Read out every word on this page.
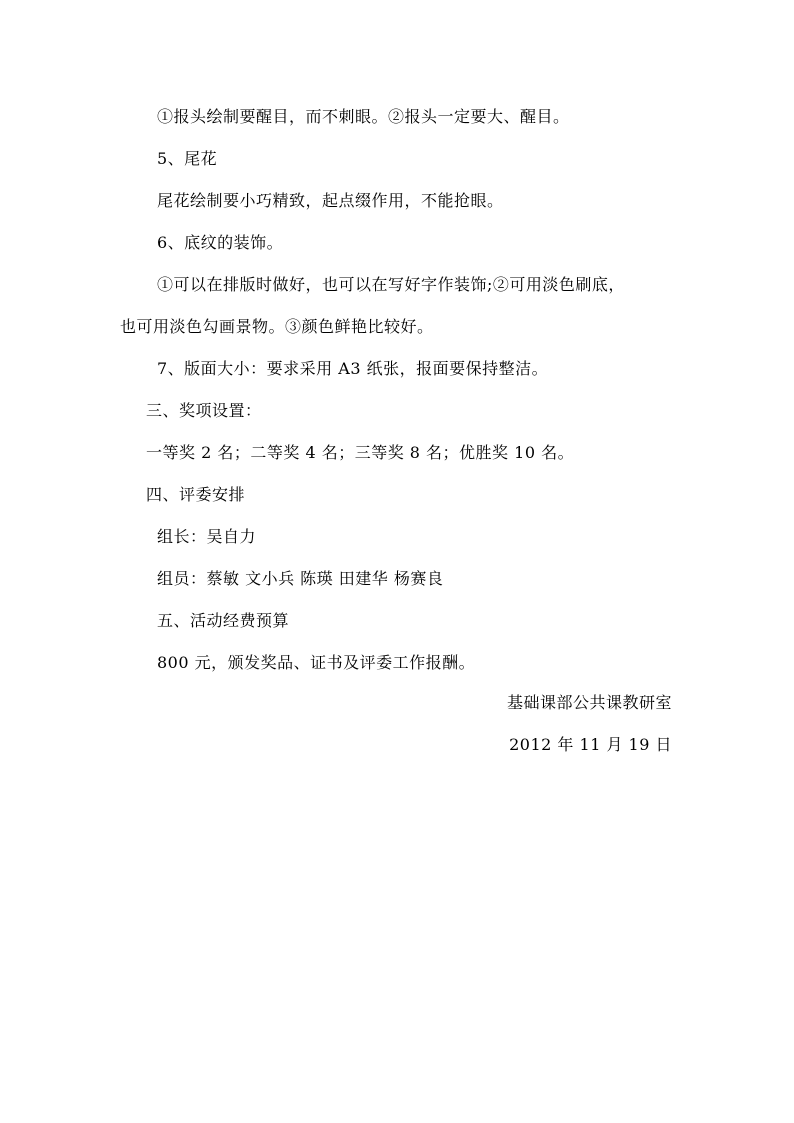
①报头绘制要醒目，而不刺眼。②报头一定要大、醒目。
5、尾花
尾花绘制要小巧精致，起点缀作用，不能抢眼。
6、底纹的装饰。
①可以在排版时做好，也可以在写好字作装饰;②可用淡色刷底，
也可用淡色勾画景物。③颜色鲜艳比较好。
7、版面大小：要求采用 A3 纸张，报面要保持整洁。
三、奖项设置：
一等奖 2 名；二等奖 4 名；三等奖 8 名；优胜奖 10 名。
四、评委安排
组长：吴自力
组员：蔡敏 文小兵 陈瑛 田建华 杨赛良
五、活动经费预算
800 元，颁发奖品、证书及评委工作报酬。
基础课部公共课教研室
2012 年 11 月 19 日
